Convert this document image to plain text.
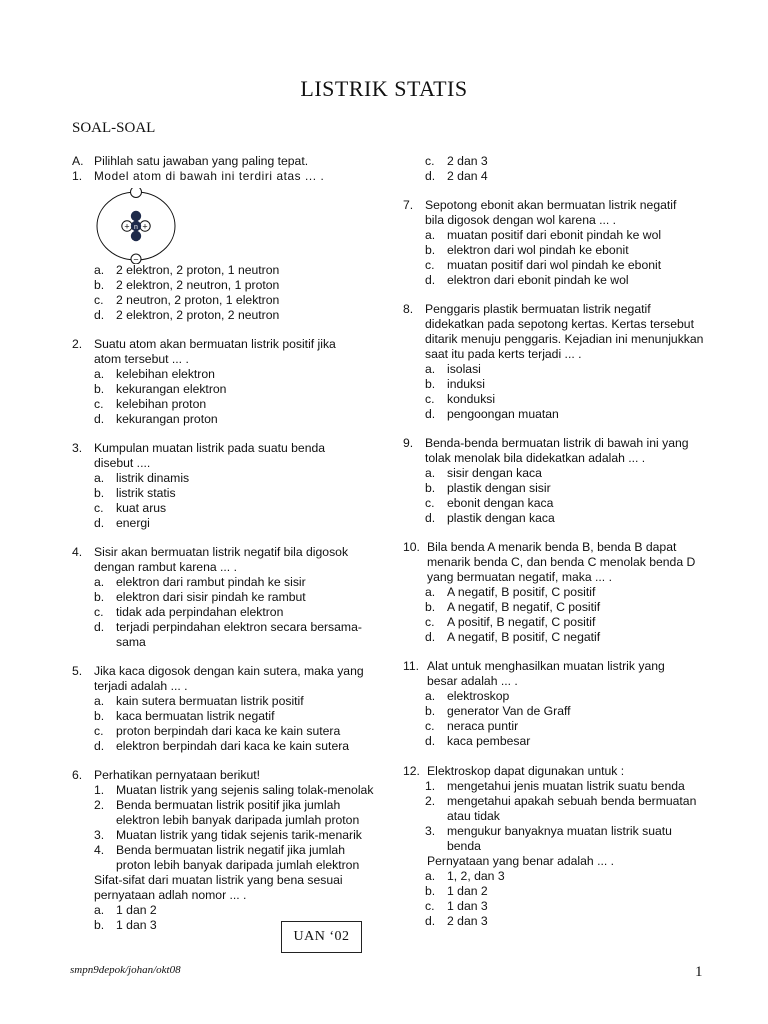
LISTRIK STATIS
SOAL-SOAL
A. Pilihlah satu jawaban yang paling tepat.
1. Model atom di bawah ini terdiri atas ... .
+ n +
−
a. 2 elektron, 2 proton, 1 neutron
b. 2 elektron, 2 neutron, 1 proton
c. 2 neutron, 2 proton, 1 elektron
d. 2 elektron, 2 proton, 2 neutron
2. Suatu atom akan bermuatan listrik positif jika atom tersebut ... .
a. kelebihan elektron
b. kekurangan elektron
c. kelebihan proton
d. kekurangan proton
3. Kumpulan muatan listrik pada suatu benda disebut ....
a. listrik dinamis
b. listrik statis
c. kuat arus
d. energi
4. Sisir akan bermuatan listrik negatif bila digosok dengan rambut karena ... .
a. elektron dari rambut pindah ke sisir
b. elektron dari sisir pindah ke rambut
c. tidak ada perpindahan elektron
d. terjadi perpindahan elektron secara bersama-sama
5. Jika kaca digosok dengan kain sutera, maka yang terjadi adalah ... .
a. kain sutera bermuatan listrik positif
b. kaca bermuatan listrik negatif
c. proton berpindah dari kaca ke kain sutera
d. elektron berpindah dari kaca ke kain sutera
6. Perhatikan pernyataan berikut!
1. Muatan listrik yang sejenis saling tolak-menolak
2. Benda bermuatan listrik positif jika jumlah elektron lebih banyak daripada jumlah proton
3. Muatan listrik yang tidak sejenis tarik-menarik
4. Benda bermuatan listrik negatif jika jumlah proton lebih banyak daripada jumlah elektron
Sifat-sifat dari muatan listrik yang bena sesuai pernyataan adlah nomor ... .
a. 1 dan 2
b. 1 dan 3
UAN ‘02
c. 2 dan 3
d. 2 dan 4
7. Sepotong ebonit akan bermuatan listrik negatif bila digosok dengan wol karena ... .
a. muatan positif dari ebonit pindah ke wol
b. elektron dari wol pindah ke ebonit
c. muatan positif dari wol pindah ke ebonit
d. elektron dari ebonit pindah ke wol
8. Penggaris plastik bermuatan listrik negatif didekatkan pada sepotong kertas. Kertas tersebut ditarik menuju penggaris. Kejadian ini menunjukkan saat itu pada kerts terjadi ... .
a. isolasi
b. induksi
c. konduksi
d. pengoongan muatan
9. Benda-benda bermuatan listrik di bawah ini yang tolak menolak bila didekatkan adalah ... .
a. sisir dengan kaca
b. plastik dengan sisir
c. ebonit dengan kaca
d. plastik dengan kaca
10. Bila benda A menarik benda B, benda B dapat menarik benda C, dan benda C menolak benda D yang bermuatan negatif, maka ... .
a. A negatif, B positif, C positif
b. A negatif, B negatif, C positif
c. A positif, B negatif, C positif
d. A negatif, B positif, C negatif
11. Alat untuk menghasilkan muatan listrik yang besar adalah ... .
a. elektroskop
b. generator Van de Graff
c. neraca puntir
d. kaca pembesar
12. Elektroskop dapat digunakan untuk :
1. mengetahui jenis muatan listrik suatu benda
2. mengetahui apakah sebuah benda bermuatan atau tidak
3. mengukur banyaknya muatan listrik suatu benda
Pernyataan yang benar adalah ... .
a. 1, 2, dan 3
b. 1 dan 2
c. 1 dan 3
d. 2 dan 3
smpn9depok/johan/okt08	1
